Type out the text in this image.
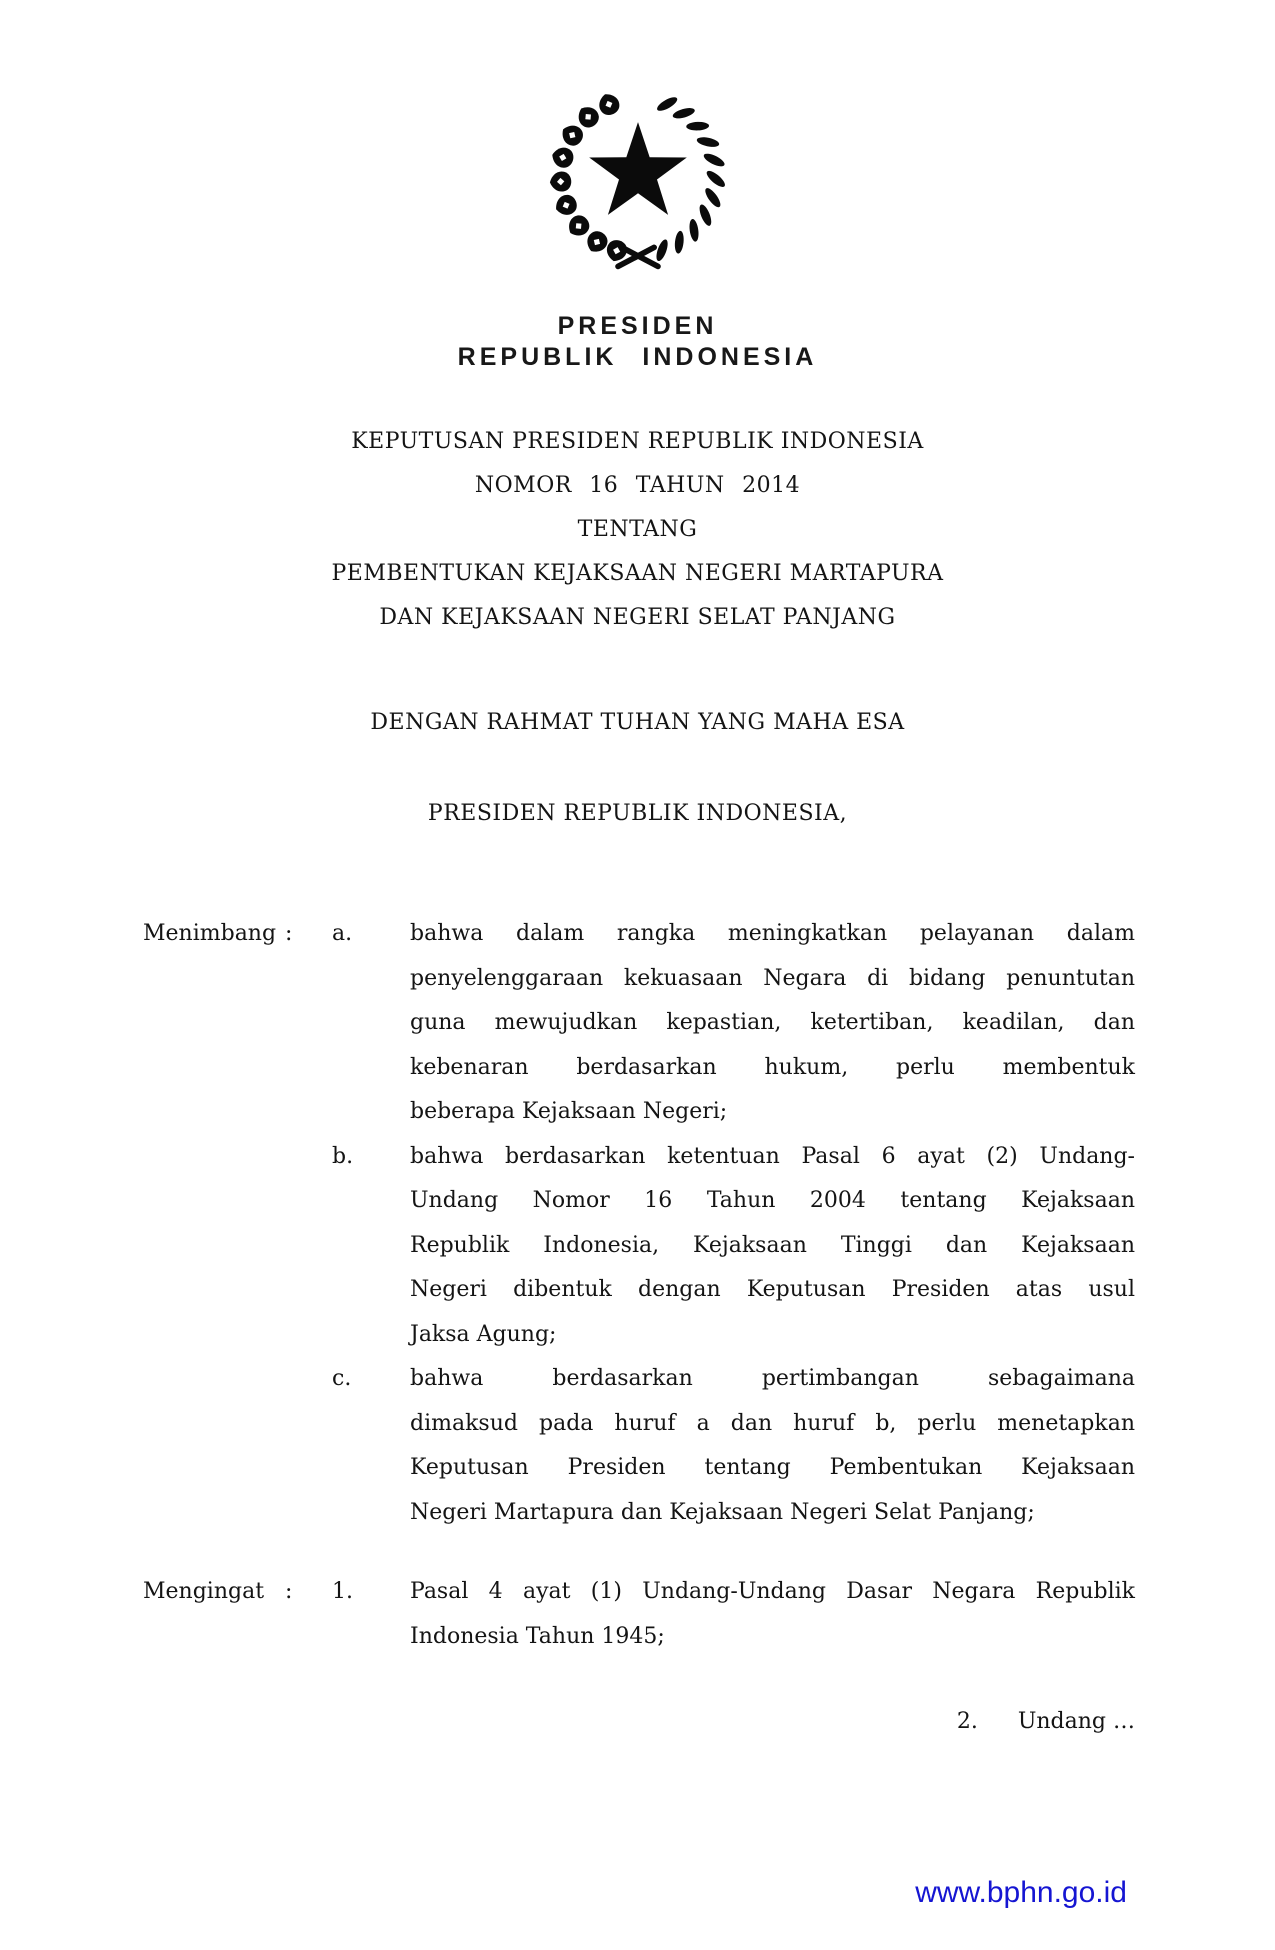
PRESIDEN
REPUBLIK INDONESIA
KEPUTUSAN PRESIDEN REPUBLIK INDONESIA
NOMOR 16 TAHUN 2014
TENTANG
PEMBENTUKAN KEJAKSAAN NEGERI MARTAPURA
DAN KEJAKSAAN NEGERI SELAT PANJANG
DENGAN RAHMAT TUHAN YANG MAHA ESA
PRESIDEN REPUBLIK INDONESIA,
Menimbang :	a.	bahwa dalam rangka meningkatkan pelayanan dalam
penyelenggaraan kekuasaan Negara di bidang penuntutan
guna mewujudkan kepastian, ketertiban, keadilan, dan
kebenaran berdasarkan hukum, perlu membentuk
beberapa Kejaksaan Negeri;
b.	bahwa berdasarkan ketentuan Pasal 6 ayat (2) Undang-
Undang Nomor 16 Tahun 2004 tentang Kejaksaan
Republik Indonesia, Kejaksaan Tinggi dan Kejaksaan
Negeri dibentuk dengan Keputusan Presiden atas usul
Jaksa Agung;
c.	bahwa berdasarkan pertimbangan sebagaimana
dimaksud pada huruf a dan huruf b, perlu menetapkan
Keputusan Presiden tentang Pembentukan Kejaksaan
Negeri Martapura dan Kejaksaan Negeri Selat Panjang;
Mengingat :	1.	Pasal 4 ayat (1) Undang-Undang Dasar Negara Republik
Indonesia Tahun 1945;
2. Undang …
www.bphn.go.id
